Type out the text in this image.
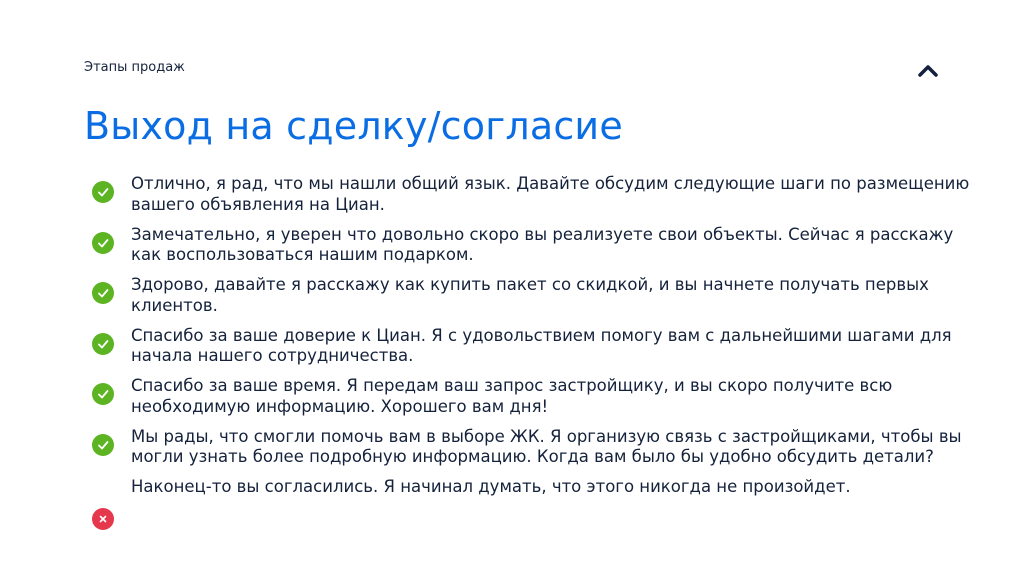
Этапы продаж
Выход на сделку/согласие
Отлично, я рад, что мы нашли общий язык. Давайте обсудим следующие шаги по размещению вашего объявления на Циан.
Замечательно, я уверен что довольно скоро вы реализуете свои объекты. Сейчас я расскажу как воспользоваться нашим подарком.
Здорово, давайте я расскажу как купить пакет со скидкой, и вы начнете получать первых клиентов.
Спасибо за ваше доверие к Циан. Я с удовольствием помогу вам с дальнейшими шагами для начала нашего сотрудничества.
Спасибо за ваше время. Я передам ваш запрос застройщику, и вы скоро получите всю необходимую информацию. Хорошего вам дня!
Мы рады, что смогли помочь вам в выборе ЖК. Я организую связь с застройщиками, чтобы вы могли узнать более подробную информацию. Когда вам было бы удобно обсудить детали?
Наконец-то вы согласились. Я начинал думать, что этого никогда не произойдет.
